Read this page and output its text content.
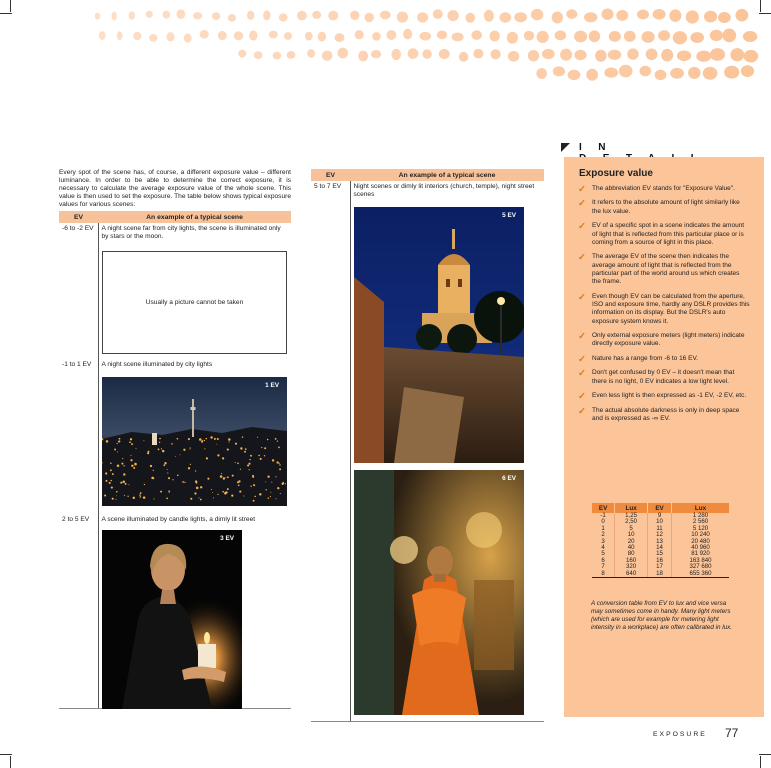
Every spot of the scene has, of course, a different exposure value – different luminance. In order to be able to determine the correct exposure, it is necessary to calculate the average exposure value of the whole scene. This value is then used to set the exposure. The table below shows typical exposure values for various scenes:
EV	An example of a typical scene
-6 to -2 EV	A night scene far from city lights, the scene is illuminated only by stars or the moon.
-1 to 1 EV	A night scene illuminated by city lights
2 to 5 EV	A scene illuminated by candle lights, a dimly lit street
Usually a picture cannot be taken
1 EV
3 EV
EV	An example of a typical scene
5 to 7 EV	Night scenes or dimly lit interiors (church, temple), night street scenes
5 EV
6 EV
IN
Exposure value
✓ The abbreviation EV stands for "Exposure Value".
✓ It refers to the absolute amount of light similarly like the lux value.
✓ EV of a specific spot in a scene indicates the amount of light that is reflected from this particular place or is coming from a source of light in this place.
✓ The average EV of the scene then indicates the average amount of light that is reflected from the particular part of the world around us which creates the frame.
✓ Even though EV can be calculated from the aperture, ISO and exposure time, hardly any DSLR provides this information on its display. But the DSLR's auto exposure system knows it.
✓ Only external exposure meters (light meters) indicate directly exposure value.
✓ Nature has a range from -6 to 16 EV.
✓ Don't get confused by 0 EV – it doesn't mean that there is no light, 0 EV indicates a low light level.
✓ Even less light is then expressed as -1 EV, -2 EV, etc.
✓ The actual absolute darkness is only in deep space and is expressed as -∞ EV.
EV	Lux	EV	Lux
-1	1,25	9	1 280
0	2,50	10	2 560
1	5	11	5 120
2	10	12	10 240
3	20	13	20 480
4	40	14	40 960
5	80	15	81 920
6	160	16	163 840
7	320	17	327 680
8	640	18	655 360
A conversion table from EV to lux and vice versa may sometimes come in handy. Many light meters (which are used for example for metering light intensity in a workplace) are often calibrated in lux.
EXPOSURE 77
